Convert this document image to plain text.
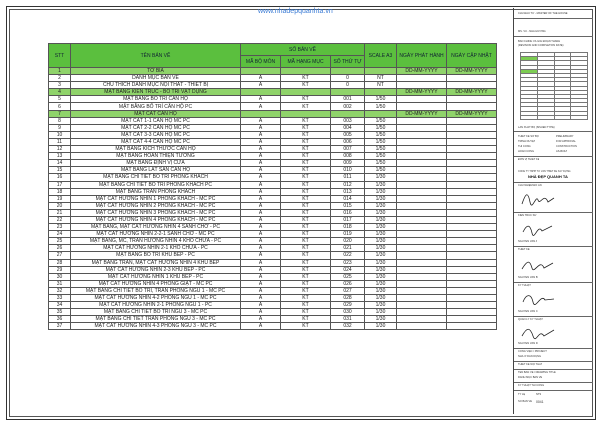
www.nhadepquanhta.vn
STT	TÊN BẢN VẼ	SỐ BẢN VẼ			SCALE A3	NGÀY PHÁT HÀNH	NGÀY CẬP NHẬT
		MÃ BỘ MÔN	MÃ HẠNG MỤC	SỐ THỨ TỰ			
1	TỜ BÌA					DD-MM-YYYY	DD-MM-YYYY
2	DANH MỤC BẢN VẼ	A	KT	0	NT		
3	CHÚ THÍCH DANH MỤC NỘI THẤT - THIẾT BỊ	A	KT	0	NT		
4	MẶT BẰNG KIẾN TRÚC - BỐ TRÍ VẬT DỤNG					DD-MM-YYYY	DD-MM-YYYY
5	MẶT BẰNG BỐ TRÍ CĂN HỘ	A	KT	001	1/50		
6	MẶT BẰNG BỐ TRÍ CĂN HỘ PC	A	KT	002	1/50		
7	MẶT CẮT CĂN HỘ					DD-MM-YYYY	DD-MM-YYYY
8	MẶT CẮT 1-1 CĂN HỘ MC PC	A	KT	003	1/50		
9	MẶT CẮT 2-2 CĂN HỘ MC PC	A	KT	004	1/50		
10	MẶT CẮT 3-3 CĂN HỘ MC PC	A	KT	005	1/50		
11	MẶT CẮT 4-4 CĂN HỘ MC PC	A	KT	006	1/50		
12	MẶT BẰNG KÍCH THƯỚC CĂN HỘ	A	KT	007	1/50		
13	MẶT BẰNG HOÀN THIỆN TƯỜNG	A	KT	008	1/50		
14	MẶT BẰNG ĐỊNH VỊ CỬA	A	KT	009	1/50		
15	MẶT BẰNG LÁT SÀN CĂN HỘ	A	KT	010	1/50		
16	MẶT BẰNG CHI TIẾT BỐ TRÍ PHÒNG KHÁCH	A	KT	011	1/30		
17	MẶT BẰNG CHI TIẾT BỐ TRÍ PHÒNG KHÁCH PC	A	KT	012	1/30		
18	MẶT BẰNG TRẦN PHÒNG KHÁCH	A	KT	013	1/30		
19	MẶT CẮT HƯỚNG NHÌN 1 PHÒNG KHÁCH - MC PC	A	KT	014	1/30		
20	MẶT CẮT HƯỚNG NHÌN 2 PHÒNG KHÁCH - MC PC	A	KT	015	1/30		
21	MẶT CẮT HƯỚNG NHÌN 3 PHÒNG KHÁCH - MC PC	A	KT	016	1/30		
22	MẶT CẮT HƯỚNG NHÌN 4 PHÒNG KHÁCH - MC PC	A	KT	017	1/30		
23	MẶT BẰNG, MẶT CẮT HƯỚNG NHÌN 4 SẢNH CHỜ - PC	A	KT	018	1/30		
24	MẶT CẮT HƯỚNG NHÌN 2-2-1 SẢNH CHỜ - MC PC	A	KT	019	1/30		
25	MẶT BẰNG, MC, TRẦN HƯỚNG NHÌN 4 KHO CHỨA - PC	A	KT	020	1/30		
26	MẶT CẮT HƯỚNG NHÌN 2-1 KHO CHỨA - PC	A	KT	021	1/30		
27	MẶT BẰNG BỐ TRÍ KHU BẾP - PC	A	KT	022	1/30		
28	MẶT BẰNG TRẦN, MẶT CẮT HƯỚNG NHÌN 4 KHU BẾP	A	KT	023	1/30		
29	MẶT CẮT HƯỚNG NHÌN 2-3 KHU BẾP - PC	A	KT	024	1/30		
30	MẶT CẮT HƯỚNG NHÌN 1 KHU BẾP - PC	A	KT	025	1/30		
31	MẶT CẮT HƯỚNG NHÌN 4 PHÒNG GIẶT - MC PC	A	KT	026	1/30		
32	MẶT BẰNG CHI TIẾT BỐ TRÍ, TRẦN PHÒNG NGỦ 1 - MC PC	A	KT	027	1/30		
33	MẶT CẮT HƯỚNG NHÌN 4-2 PHÒNG NGỦ 1 - MC PC	A	KT	028	1/30		
34	MẶT CẮT HƯỚNG NHÌN 2-1 PHÒNG NGỦ 1 - PC	A	KT	029	1/30		
35	MẶT BẰNG CHI TIẾT BỐ TRÍ NGỦ 3 - MC PC	A	KT	030	1/30		
36	MẶT BẰNG CHI TIẾT TRẦN PHÒNG NGỦ 3 - MC PC	A	KT	031	1/30		
37	MẶT CẮT HƯỚNG NHÌN 4-3 PHÒNG NGỦ 3 - MC PC	A	KT	032	1/30		
CHỦ ĐẦU TƯ - MASTER OF THE HOUSE
MS. VŨ - NHÀ HƯỚNG
BẢN CHÍNH VÀ GIAI ĐOẠN THÀNH
(REVISION AND COMPLETION DATE)

LẦN XUẤT BỘ (ISSUED TYPE)
THIẾT KẾ SƠ BỘ	PRELIMINARY
TRÌNH DUYỆT	FOR APPROVAL
THI CÔNG	CONSTRUCTION
HOÀN CÔNG	AS-BUILT
ĐƠN VỊ THIẾT KẾ
CÔNG TY TNHH TƯ VẤN THIẾT KẾ XÂY DỰNG
NHÀ ĐẸP QUANH TA
CHỦ NHIỆM ĐỒ ÁN
KIẾN TRÚC SƯ
NGUYỄN VĂN A
THIẾT KẾ
NGUYỄN VĂN B
KỸ THUẬT
NGUYỄN VĂN C
QUẢN LÝ KỸ THUẬT
NGUYỄN VĂN D
CÔNG VIỆC / PROJECT
NHÀ Ở DÂN DỤNG
THIẾT KẾ NỘI THẤT
TÊN BẢN VẼ / DRAWING TITLE
DANH MỤC BẢN VẼ
KỸ THUẬT THI CÔNG
TỶ LỆ	NTS
SỐ BẢN VẼ 0041
